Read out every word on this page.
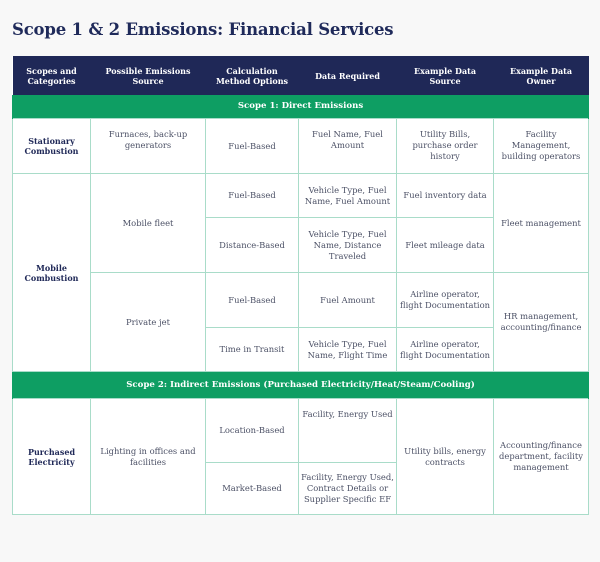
Scope 1 & 2 Emissions: Financial Services
Scopes and Categories	Possible Emissions Source	Calculation Method Options	Data Required	Example Data Source	Example Data Owner
Scope 1: Direct Emissions					
Stationary Combustion	Furnaces, back-up generators	Fuel-Based	Fuel Name, Fuel Amount	Utility Bills, purchase order history	Facility Management, building operators
Mobile Combustion	Mobile fleet	Fuel-Based	Vehicle Type, Fuel Name, Fuel Amount	Fuel inventory data	Fleet management
		Distance-Based	Vehicle Type, Fuel Name, Distance Traveled	Fleet mileage data	
	Private jet	Fuel-Based	Fuel Amount	Airline operator, flight Documentation	HR management, accounting/finance
		Time in Transit	Vehicle Type, Fuel Name, Flight Time	Airline operator, flight Documentation	
Scope 2: Indirect Emissions (Purchased Electricity/Heat/Steam/Cooling)					
Purchased Electricity	Lighting in offices and facilities	Location-Based	Facility, Energy Used	Utility bills, energy contracts	Accounting/finance department, facility management
		Market-Based	Facility, Energy Used, Contract Details or Supplier Specific EF		
